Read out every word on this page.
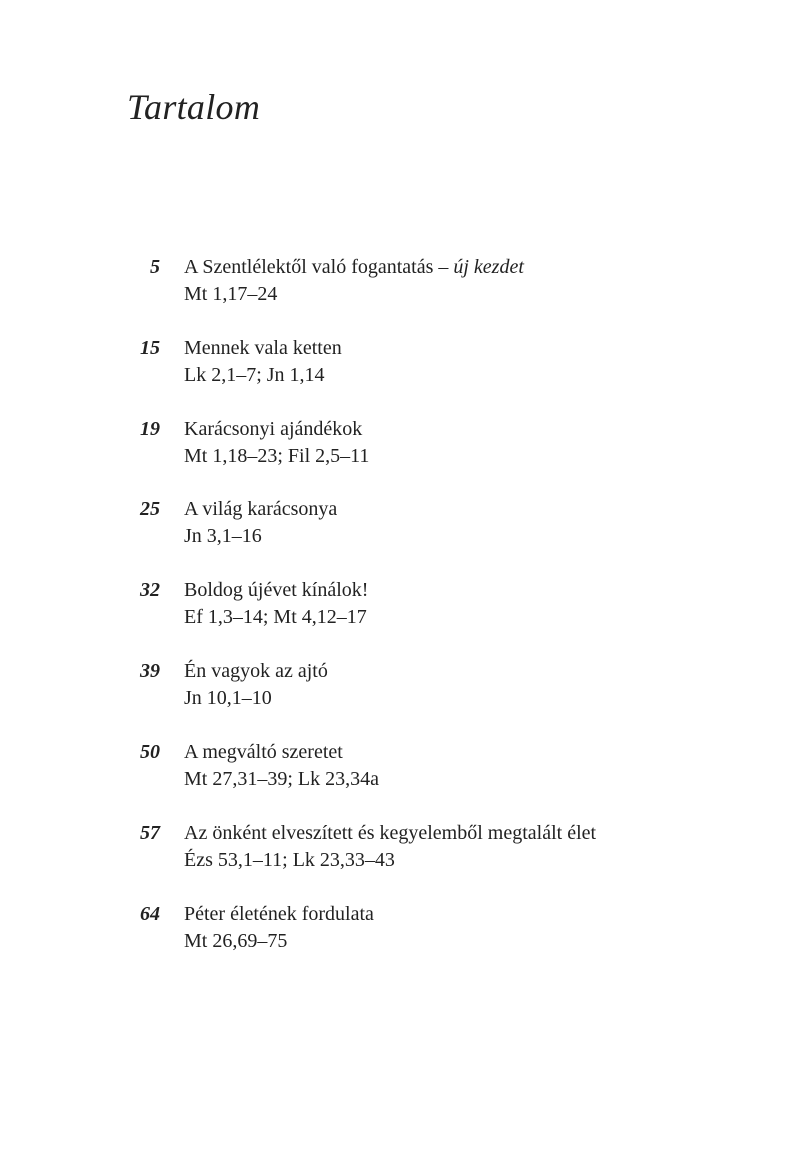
Tartalom
5 A Szentlélektől való fogantatás – új kezdet
Mt 1,17–24
15 Mennek vala ketten
Lk 2,1–7; Jn 1,14
19 Karácsonyi ajándékok
Mt 1,18–23; Fil 2,5–11
25 A világ karácsonya
Jn 3,1–16
32 Boldog újévet kínálok!
Ef 1,3–14; Mt 4,12–17
39 Én vagyok az ajtó
Jn 10,1–10
50 A megváltó szeretet
Mt 27,31–39; Lk 23,34a
57 Az önként elveszített és kegyelemből megtalált élet
Ézs 53,1–11; Lk 23,33–43
64 Péter életének fordulata
Mt 26,69–75
